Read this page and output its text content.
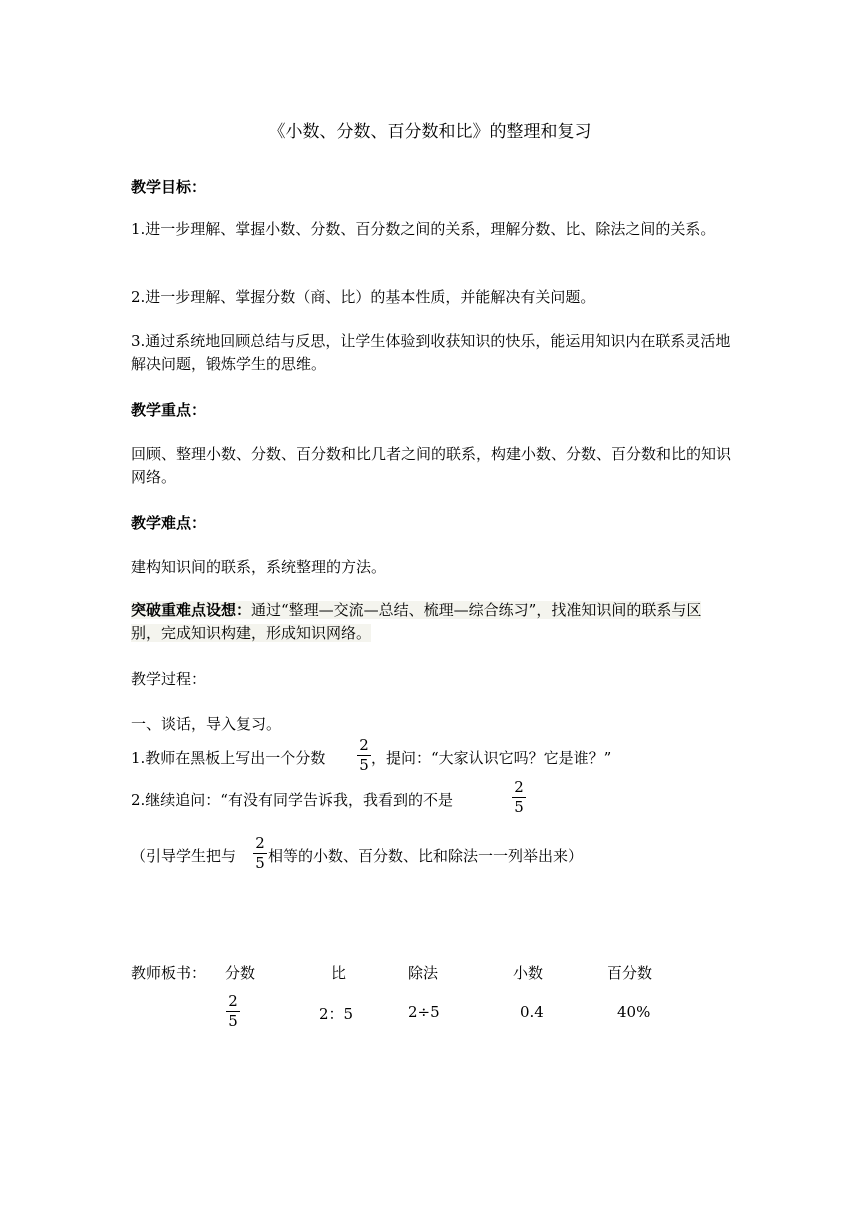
《小数、分数、百分数和比》的整理和复习
教学目标：
1.进一步理解、掌握小数、分数、百分数之间的关系，理解分数、比、除法之间的关系。
2.进一步理解、掌握分数（商、比）的基本性质，并能解决有关问题。
3.通过系统地回顾总结与反思，让学生体验到收获知识的快乐，能运用知识内在联系灵活地解决问题，锻炼学生的思维。
教学重点：
回顾、整理小数、分数、百分数和比几者之间的联系，构建小数、分数、百分数和比的知识网络。
教学难点：
建构知识间的联系，系统整理的方法。
突破重难点设想：通过“整理—交流—总结、梳理—综合练习”，找准知识间的联系与区别，完成知识构建，形成知识网络。
教学过程：
一、谈话，导入复习。
1.教师在黑板上写出一个分数
2
5 ，提问：“大家认识它吗？它是谁？”
2.继续追问：“有没有同学告诉我，我看到的不是
2
5
（引导学生把与
2
5 相等的小数、百分数、比和除法一一列举出来）
教师板书： 分数	比	除法	小数	百分数
2
5	2：5	2÷5	0.4	40%
